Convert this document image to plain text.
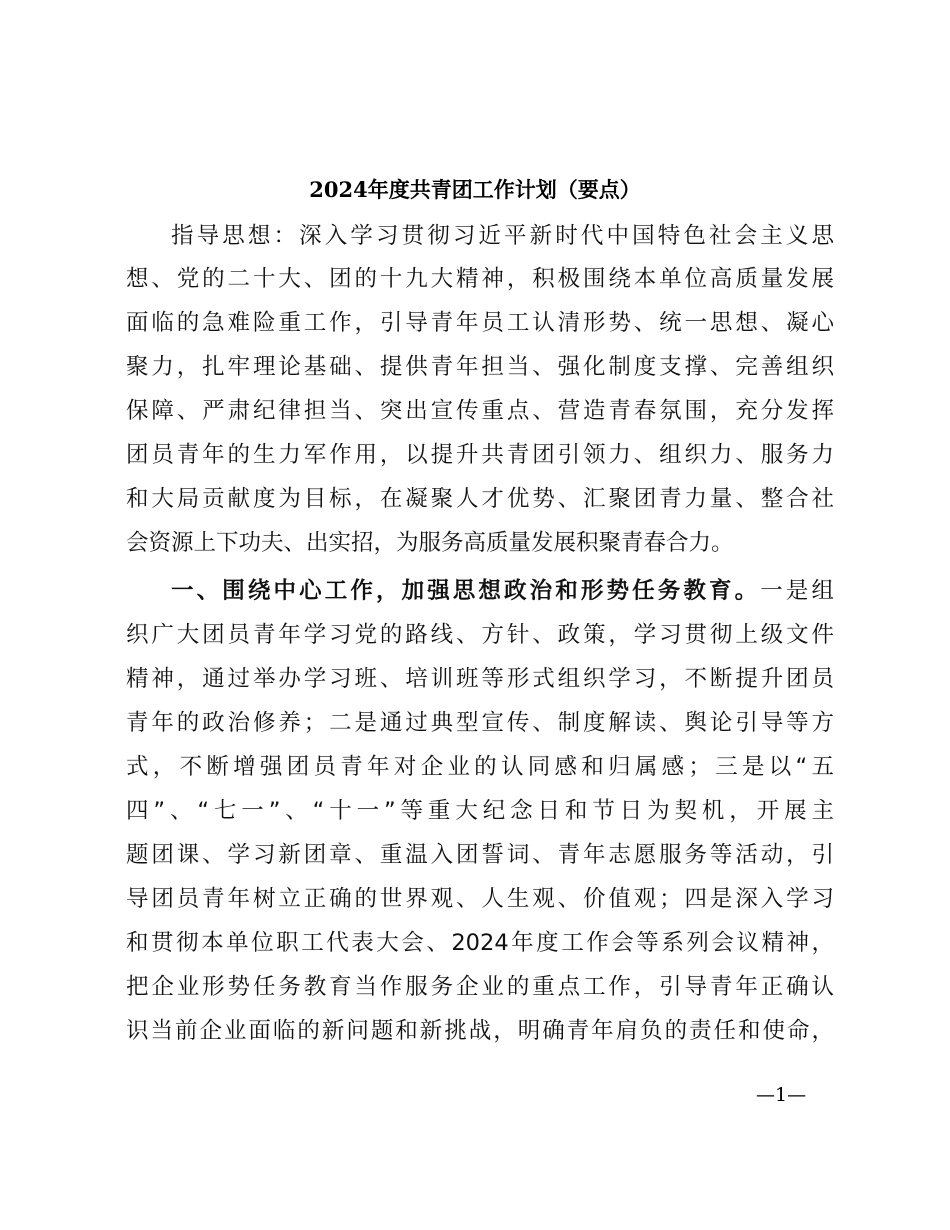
2024年度共青团工作计划（要点）
指导思想：深入学习贯彻习近平新时代中国特色社会主义思
想、党的二十大、团的十九大精神，积极围绕本单位高质量发展
面临的急难险重工作，引导青年员工认清形势、统一思想、凝心
聚力，扎牢理论基础、提供青年担当、强化制度支撑、完善组织
保障、严肃纪律担当、突出宣传重点、营造青春氛围，充分发挥
团员青年的生力军作用，以提升共青团引领力、组织力、服务力
和大局贡献度为目标，在凝聚人才优势、汇聚团青力量、整合社
会资源上下功夫、出实招，为服务高质量发展积聚青春合力。
一、围绕中心工作，加强思想政治和形势任务教育。一是组
织广大团员青年学习党的路线、方针、政策，学习贯彻上级文件
精神，通过举办学习班、培训班等形式组织学习，不断提升团员
青年的政治修养；二是通过典型宣传、制度解读、舆论引导等方
式，不断增强团员青年对企业的认同感和归属感；三是以“五
四”、“七一”、“十一”等重大纪念日和节日为契机，开展主
题团课、学习新团章、重温入团誓词、青年志愿服务等活动，引
导团员青年树立正确的世界观、人生观、价值观；四是深入学习
和贯彻本单位职工代表大会、2024年度工作会等系列会议精神，
把企业形势任务教育当作服务企业的重点工作，引导青年正确认
识当前企业面临的新问题和新挑战，明确青年肩负的责任和使命，
—1—
